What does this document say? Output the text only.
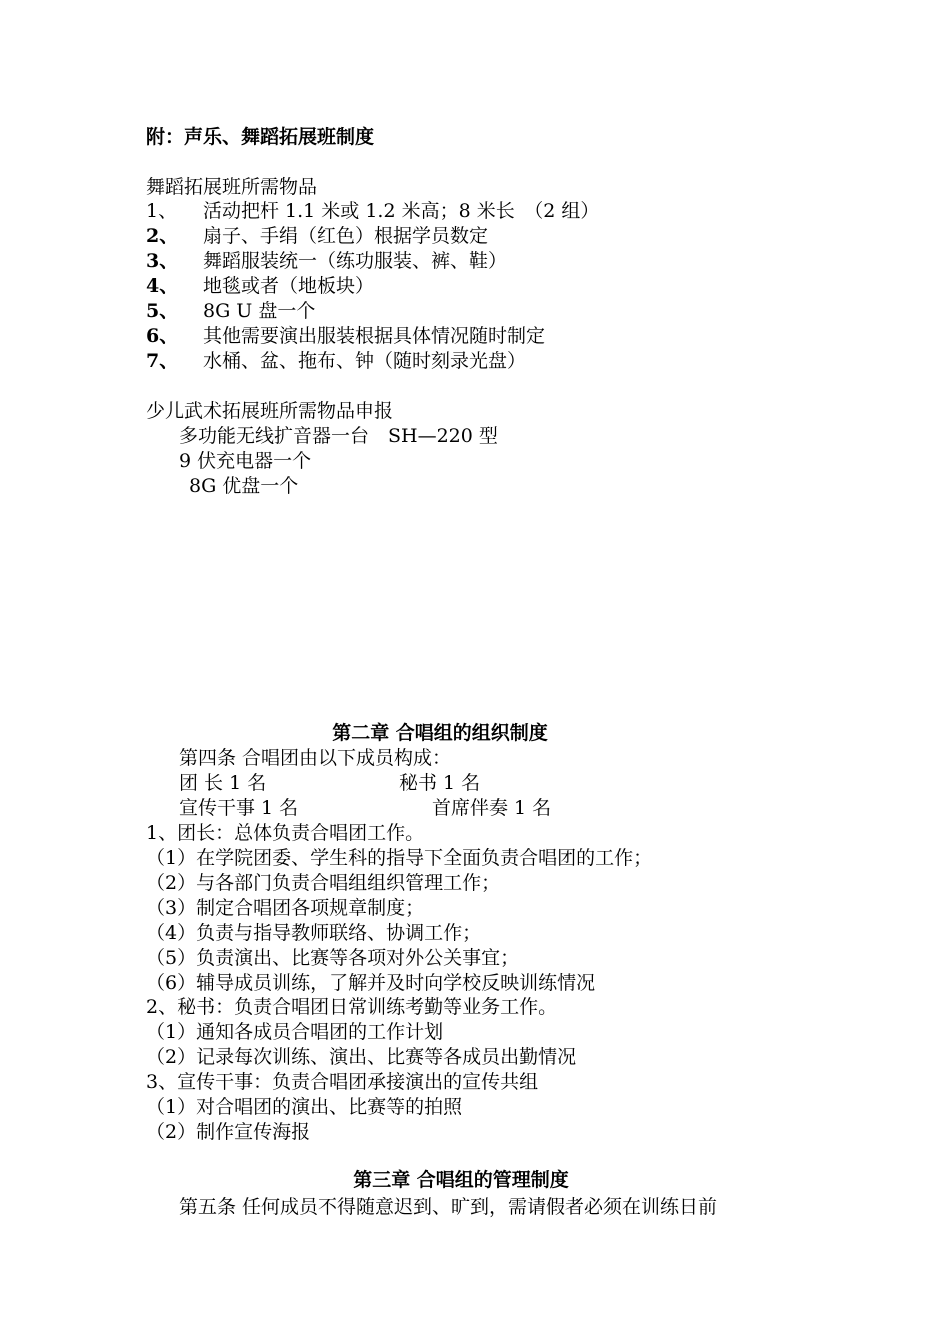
附：声乐、舞蹈拓展班制度
舞蹈拓展班所需物品
1、 活动把杆 1.1 米或 1.2 米高；8 米长　（2 组）
2、 扇子、手绢（红色）根据学员数定
3、 舞蹈服装统一（练功服装、裤、鞋）
4、 地毯或者（地板块）
5、 8G U 盘一个
6、 其他需要演出服装根据具体情况随时制定
7、 水桶、盆、拖布、钟（随时刻录光盘）
少儿武术拓展班所需物品申报
多功能无线扩音器一台　SH—220 型
9 伏充电器一个
8G 优盘一个
第二章 合唱组的组织制度
第四条 合唱团由以下成员构成：
团 长 1 名	秘书 1 名
宣传干事 1 名	首席伴奏 1 名
1、团长：总体负责合唱团工作。
（1）在学院团委、学生科的指导下全面负责合唱团的工作；
（2）与各部门负责合唱组组织管理工作；
（3）制定合唱团各项规章制度；
（4）负责与指导教师联络、协调工作；
（5）负责演出、比赛等各项对外公关事宜；
（6）辅导成员训练，了解并及时向学校反映训练情况
2、秘书：负责合唱团日常训练考勤等业务工作。
（1）通知各成员合唱团的工作计划
（2）记录每次训练、演出、比赛等各成员出勤情况
3、宣传干事：负责合唱团承接演出的宣传共组
（1）对合唱团的演出、比赛等的拍照
（2）制作宣传海报
第三章 合唱组的管理制度
第五条 任何成员不得随意迟到、旷到，需请假者必须在训练日前
